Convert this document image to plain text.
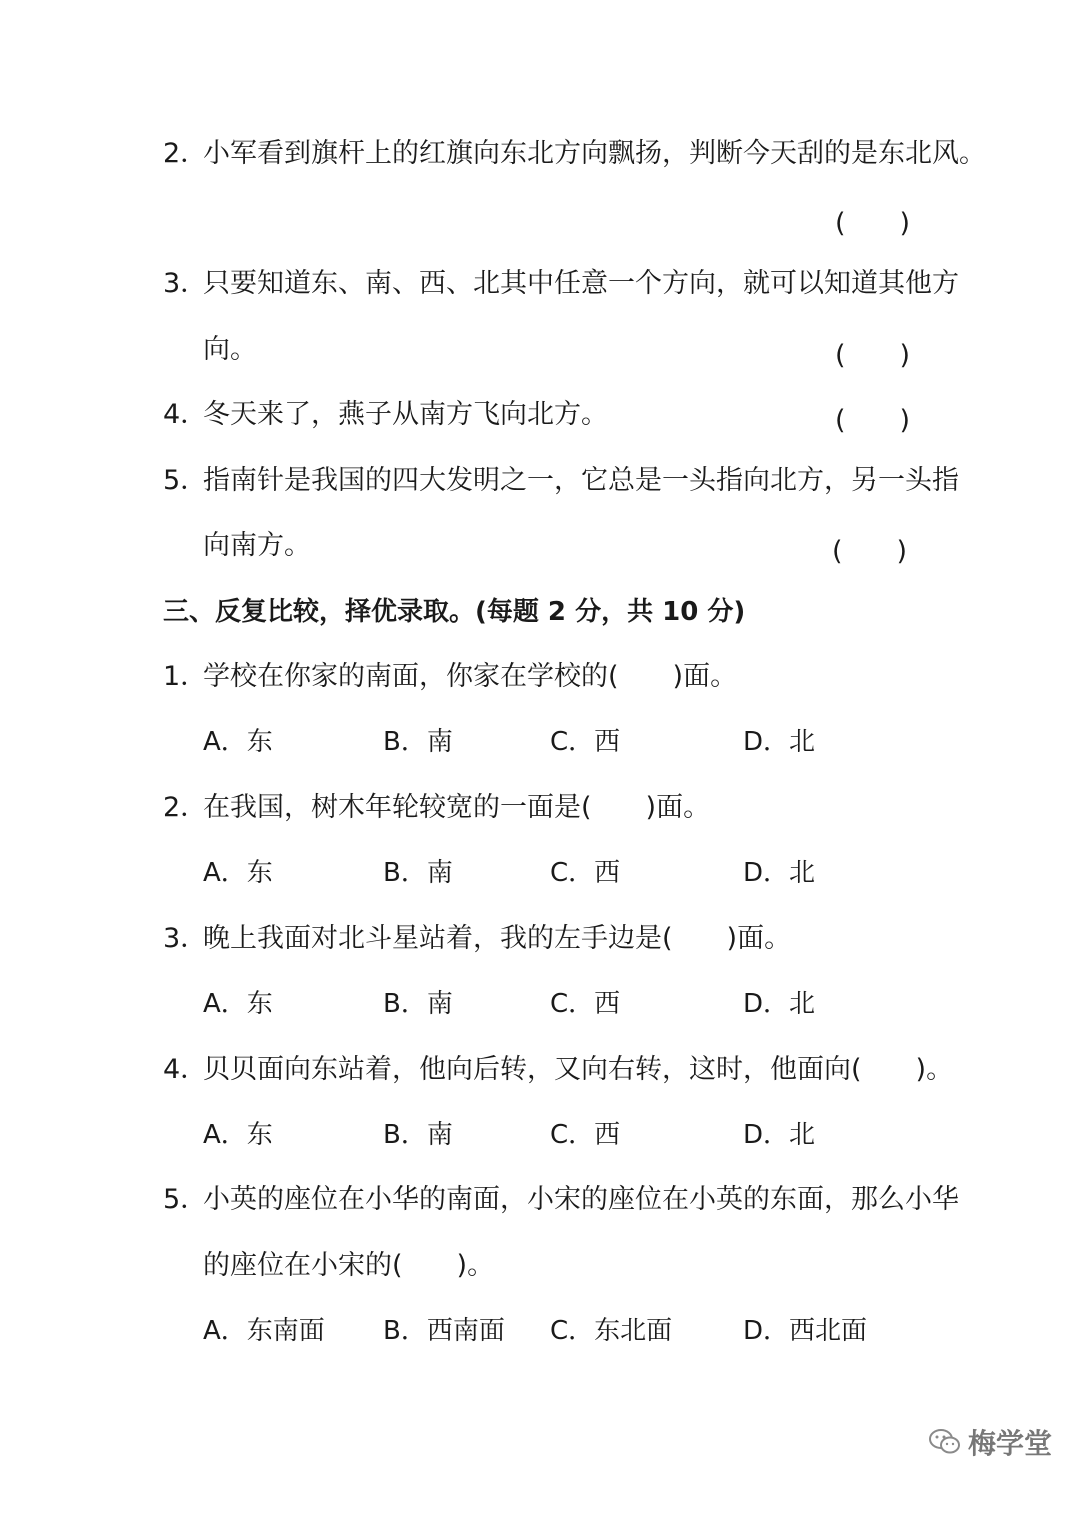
2．
小军看到旗杆上的红旗向东北方向飘扬，判断今天刮的是东北风。
(　　)
3．
只要知道东、南、西、北其中任意一个方向，就可以知道其他方
向。	(　　)
4．
冬天来了，燕子从南方飞向北方。	(　　)
5．
指南针是我国的四大发明之一，它总是一头指向北方，另一头指
向南方。	(　　)
三、反复比较，择优录取。(每题 2 分，共 10 分)
1．
学校在你家的南面，你家在学校的(　　)面。
A．东	B．南	C．西	D．北
2．
在我国，树木年轮较宽的一面是(　　)面。
A．东	B．南	C．西	D．北
3．
晚上我面对北斗星站着，我的左手边是(　　)面。
A．东	B．南	C．西	D．北
4．
贝贝面向东站着，他向后转，又向右转，这时，他面向(　　)。
A．东	B．南	C．西	D．北
5．
小英的座位在小华的南面，小宋的座位在小英的东面，那么小华
的座位在小宋的(　　)。
A．东南面 B．西南面 C．东北面	D．西北面
梅学堂
